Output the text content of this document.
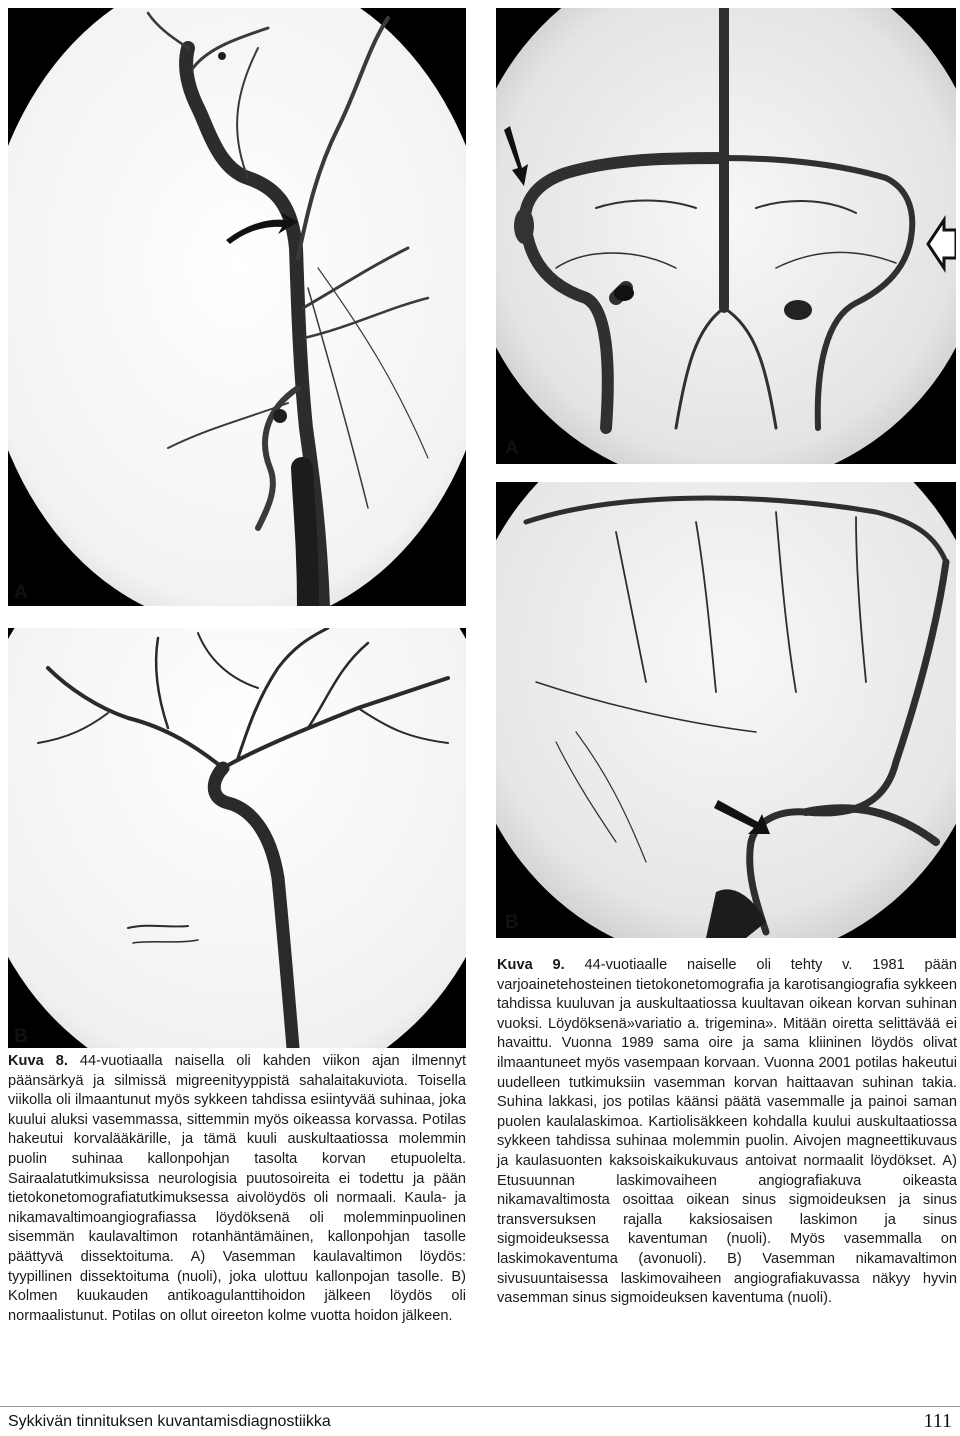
A
B
A
B
Kuva 8. 44-vuotiaalla naisella oli kahden viikon ajan ilmennyt päänsärkyä ja silmissä migreenityyppistä sahalaitakuviota. Toisella viikolla oli ilmaantunut myös sykkeen tahdissa esiintyvää suhinaa, joka kuului aluksi vasemmassa, sittemmin myös oikeassa korvassa. Potilas hakeutui korvalääkärille, ja tämä kuuli auskultaatiossa molemmin puolin suhinaa kallonpohjan tasolta korvan etupuolelta. Sairaalatutkimuksissa neurologisia puutosoireita ei todettu ja pään tietokonetomografiatutkimuksessa aivolöydös oli normaali. Kaula- ja nikamavaltimoangiografiassa löydöksenä oli molemminpuolinen sisemmän kaulavaltimon rotanhäntämäinen, kallonpohjan tasolle päättyvä dissektoituma. A) Vasemman kaulavaltimon löydös: tyypillinen dissektoituma (nuoli), joka ulottuu kallonpojan tasolle. B) Kolmen kuukauden antikoagulanttihoidon jälkeen löydös oli normaalistunut. Potilas on ollut oireeton kolme vuotta hoidon jälkeen.
Kuva 9. 44-vuotiaalle naiselle oli tehty v. 1981 pään varjoainetehosteinen tietokonetomografia ja karotisangiografia sykkeen tahdissa kuuluvan ja auskultaatiossa kuultavan oikean korvan suhinan vuoksi. Löydöksenä»variatio a. trigemina». Mitään oiretta selittävää ei havaittu. Vuonna 1989 sama oire ja sama kliininen löydös olivat ilmaantuneet myös vasempaan korvaan. Vuonna 2001 potilas hakeutui uudelleen tutkimuksiin vasemman korvan haittaavan suhinan takia. Suhina lakkasi, jos potilas käänsi päätä vasemmalle ja painoi saman puolen kaulalaskimoa. Kartiolisäkkeen kohdalla kuului auskultaatiossa sykkeen tahdissa suhinaa molemmin puolin. Aivojen magneettikuvaus ja kaulasuonten kaksoiskaikukuvaus antoivat normaalit löydökset. A) Etusuunnan laskimovaiheen angiografiakuva oikeasta nikamavaltimosta osoittaa oikean sinus sigmoideuksen ja sinus transversuksen rajalla kaksiosaisen laskimon ja sinus sigmoideuksessa kaventuman (nuoli). Myös vasemmalla on laskimokaventuma (avonuoli). B) Vasemman nikamavaltimon sivusuuntaisessa laskimovaiheen angiografiakuvassa näkyy hyvin vasemman sinus sigmoideuksen kaventuma (nuoli).
Sykkivän tinnituksen kuvantamisdiagnostiikka	111
